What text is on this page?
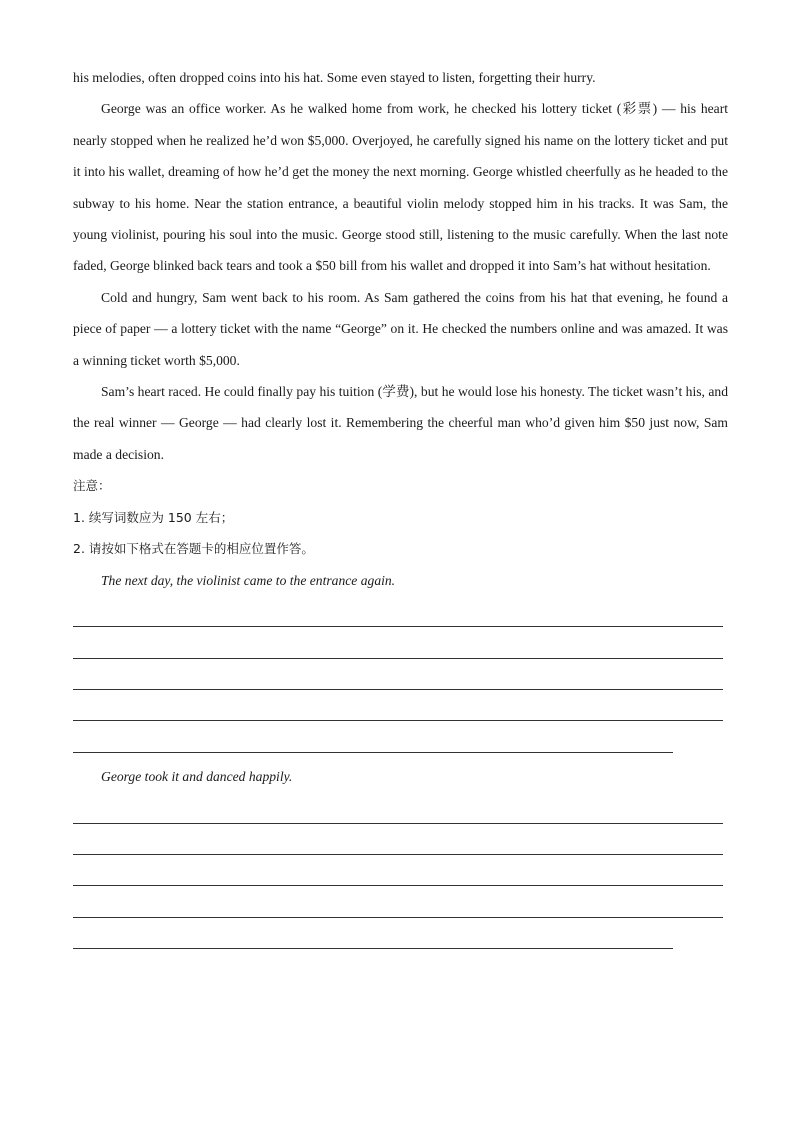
his melodies, often dropped coins into his hat. Some even stayed to listen, forgetting their hurry.

George was an office worker. As he walked home from work, he checked his lottery ticket (彩票) — his heart nearly stopped when he realized he’d won $5,000. Overjoyed, he carefully signed his name on the lottery ticket and put it into his wallet, dreaming of how he’d get the money the next morning. George whistled cheerfully as he headed to the subway to his home. Near the station entrance, a beautiful violin melody stopped him in his tracks. It was Sam, the young violinist, pouring his soul into the music. George stood still, listening to the music carefully. When the last note faded, George blinked back tears and took a $50 bill from his wallet and dropped it into Sam’s hat without hesitation.

Cold and hungry, Sam went back to his room. As Sam gathered the coins from his hat that evening, he found a piece of paper — a lottery ticket with the name “George” on it. He checked the numbers online and was amazed. It was a winning ticket worth $5,000.

Sam’s heart raced. He could finally pay his tuition (学费), but he would lose his honesty. The ticket wasn’t his, and the real winner — George — had clearly lost it. Remembering the cheerful man who’d given him $50 just now, Sam made a decision.

注意：

1. 续写词数应为 150 左右；

2. 请按如下格式在答题卡的相应位置作答。

The next day, the violinist came to the entrance again.

George took it and danced happily.
